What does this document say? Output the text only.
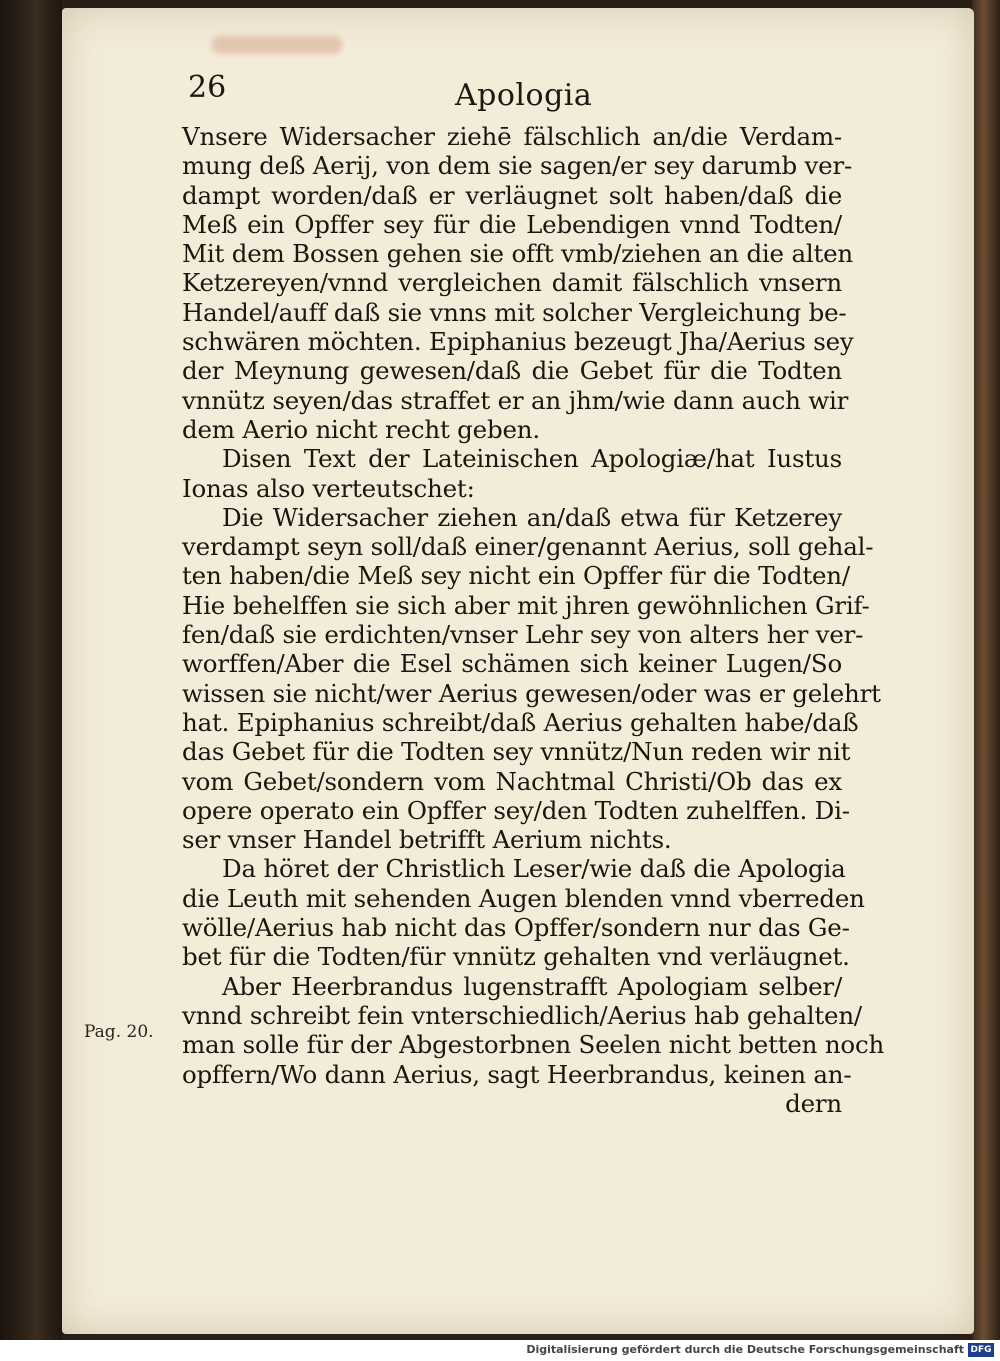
26	Apologia
Vnsere Widersacher ziehē fälschlich an/die Verdam-
mung deß Aerij, von dem sie sagen/er sey darumb ver-
dampt worden/daß er verläugnet solt haben/daß die
Meß ein Opffer sey für die Lebendigen vnnd Todten/
Mit dem Bossen gehen sie offt vmb/ziehen an die alten
Ketzereyen/vnnd vergleichen damit fälschlich vnsern
Handel/auff daß sie vnns mit solcher Vergleichung be-
schwären möchten. Epiphanius bezeugt Jha/Aerius sey
der Meynung gewesen/daß die Gebet für die Todten
vnnütz seyen/das straffet er an jhm/wie dann auch wir
dem Aerio nicht recht geben.
Disen Text der Lateinischen Apologiæ/hat Iustus
Ionas also verteutschet:
Die Widersacher ziehen an/daß etwa für Ketzerey
verdampt seyn soll/daß einer/genannt Aerius, soll gehal-
ten haben/die Meß sey nicht ein Opffer für die Todten/
Hie behelffen sie sich aber mit jhren gewöhnlichen Grif-
fen/daß sie erdichten/vnser Lehr sey von alters her ver-
worffen/Aber die Esel schämen sich keiner Lugen/So
wissen sie nicht/wer Aerius gewesen/oder was er gelehrt
hat. Epiphanius schreibt/daß Aerius gehalten habe/daß
das Gebet für die Todten sey vnnütz/Nun reden wir nit
vom Gebet/sondern vom Nachtmal Christi/Ob das ex
opere operato ein Opffer sey/den Todten zuhelffen. Di-
ser vnser Handel betrifft Aerium nichts.
Da höret der Christlich Leser/wie daß die Apologia
die Leuth mit sehenden Augen blenden vnnd vberreden
wölle/Aerius hab nicht das Opffer/sondern nur das Ge-
bet für die Todten/für vnnütz gehalten vnd verläugnet.
Aber Heerbrandus lugenstrafft Apologiam selber/
vnnd schreibt fein vnterschiedlich/Aerius hab gehalten/
man solle für der Abgestorbnen Seelen nicht betten noch
opffern/Wo dann Aerius, sagt Heerbrandus, keinen an-
dern
Pag. 20.
Digitalisierung gefördert durch die Deutsche Forschungsgemeinschaft DFG
